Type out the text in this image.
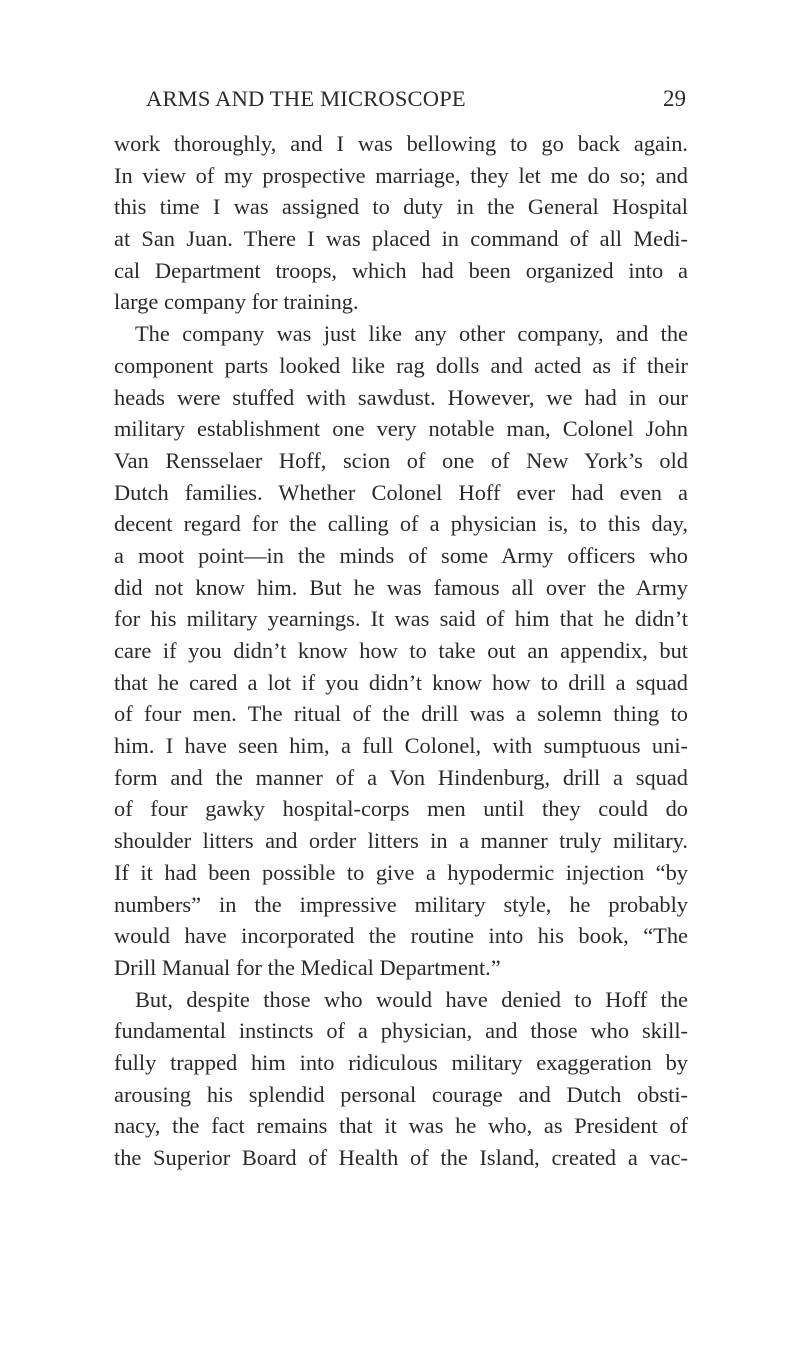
ARMS AND THE MICROSCOPE	29
work thoroughly, and I was bellowing to go back again.
In view of my prospective marriage, they let me do so; and
this time I was assigned to duty in the General Hospital
at San Juan. There I was placed in command of all Medi-
cal Department troops, which had been organized into a
large company for training.
The company was just like any other company, and the
component parts looked like rag dolls and acted as if their
heads were stuffed with sawdust. However, we had in our
military establishment one very notable man, Colonel John
Van Rensselaer Hoff, scion of one of New York’s old
Dutch families. Whether Colonel Hoff ever had even a
decent regard for the calling of a physician is, to this day,
a moot point—in the minds of some Army officers who
did not know him. But he was famous all over the Army
for his military yearnings. It was said of him that he didn’t
care if you didn’t know how to take out an appendix, but
that he cared a lot if you didn’t know how to drill a squad
of four men. The ritual of the drill was a solemn thing to
him. I have seen him, a full Colonel, with sumptuous uni-
form and the manner of a Von Hindenburg, drill a squad
of four gawky hospital-corps men until they could do
shoulder litters and order litters in a manner truly military.
If it had been possible to give a hypodermic injection “by
numbers” in the impressive military style, he probably
would have incorporated the routine into his book, “The
Drill Manual for the Medical Department.”
But, despite those who would have denied to Hoff the
fundamental instincts of a physician, and those who skill-
fully trapped him into ridiculous military exaggeration by
arousing his splendid personal courage and Dutch obsti-
nacy, the fact remains that it was he who, as President of
the Superior Board of Health of the Island, created a vac-
